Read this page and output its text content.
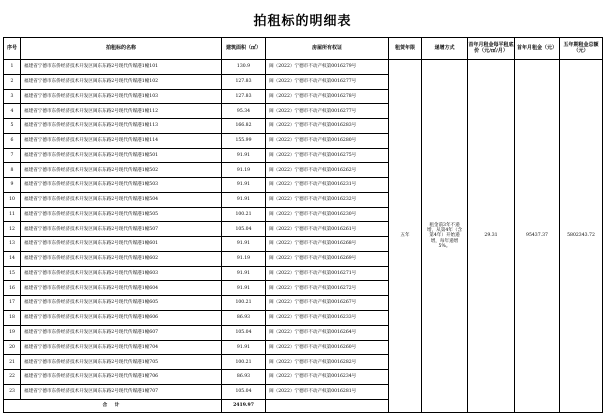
拍租标的明细表
序号	拍租标的名称	建筑面积（㎡）	房屋所有权证	租赁年限	递增方式	首年月租金每平租底价（元/㎡/月）	首年月租金（元）	五年期租金总额（元）
1	福建省宁德市东侨经济技术开发区闽东东路2号现代传媒港1幢101	130.9	闽（2022）宁德市不动产权第0016279号	五年	租金前3年不递增，从第4年（含第4年）开始递增，每年递增5%。	29.31	95437.37	5802343.72
2	福建省宁德市东侨经济技术开发区闽东东路2号现代传媒港1幢102	127.83	闽（2022）宁德市不动产权第0016277号					
3	福建省宁德市东侨经济技术开发区闽东东路2号现代传媒港1幢103	127.83	闽（2022）宁德市不动产权第0016278号					
4	福建省宁德市东侨经济技术开发区闽东东路2号现代传媒港1幢112	95.34	闽（2022）宁德市不动产权第0016277号					
5	福建省宁德市东侨经济技术开发区闽东东路2号现代传媒港1幢113	166.82	闽（2022）宁德市不动产权第0016283号					
6	福建省宁德市东侨经济技术开发区闽东东路2号现代传媒港1幢114	155.99	闽（2022）宁德市不动产权第0016280号					
7	福建省宁德市东侨经济技术开发区闽东东路2号现代传媒港1幢501	91.91	闽（2022）宁德市不动产权第0016275号					
8	福建省宁德市东侨经济技术开发区闽东东路2号现代传媒港1幢502	91.19	闽（2022）宁德市不动产权第0016262号					
9	福建省宁德市东侨经济技术开发区闽东东路2号现代传媒港1幢503	91.91	闽（2022）宁德市不动产权第0016231号					
10	福建省宁德市东侨经济技术开发区闽东东路2号现代传媒港1幢504	91.91	闽（2022）宁德市不动产权第0016232号					
11	福建省宁德市东侨经济技术开发区闽东东路2号现代传媒港1幢505	100.21	闽（2022）宁德市不动产权第0016230号					
12	福建省宁德市东侨经济技术开发区闽东东路2号现代传媒港1幢507	105.04	闽（2022）宁德市不动产权第0016261号					
13	福建省宁德市东侨经济技术开发区闽东东路2号现代传媒港1幢601	91.91	闽（2022）宁德市不动产权第0016268号					
14	福建省宁德市东侨经济技术开发区闽东东路2号现代传媒港1幢602	91.19	闽（2022）宁德市不动产权第0016269号					
15	福建省宁德市东侨经济技术开发区闽东东路2号现代传媒港1幢603	91.91	闽（2022）宁德市不动产权第0016271号					
16	福建省宁德市东侨经济技术开发区闽东东路2号现代传媒港1幢604	91.91	闽（2022）宁德市不动产权第0016272号					
17	福建省宁德市东侨经济技术开发区闽东东路2号现代传媒港1幢605	100.21	闽（2022）宁德市不动产权第0016267号					
18	福建省宁德市东侨经济技术开发区闽东东路2号现代传媒港1幢606	86.93	闽（2022）宁德市不动产权第0016233号					
19	福建省宁德市东侨经济技术开发区闽东东路2号现代传媒港1幢607	105.04	闽（2022）宁德市不动产权第0016264号					
20	福建省宁德市东侨经济技术开发区闽东东路2号现代传媒港1幢704	91.91	闽（2022）宁德市不动产权第0016260号					
21	福建省宁德市东侨经济技术开发区闽东东路2号现代传媒港1幢705	100.21	闽（2022）宁德市不动产权第0016282号					
22	福建省宁德市东侨经济技术开发区闽东东路2号现代传媒港1幢706	86.93	闽（2022）宁德市不动产权第0016234号					
23	福建省宁德市东侨经济技术开发区闽东东路2号现代传媒港1幢707	105.04	闽（2022）宁德市不动产权第0016281号					
合 计		2419.97						
